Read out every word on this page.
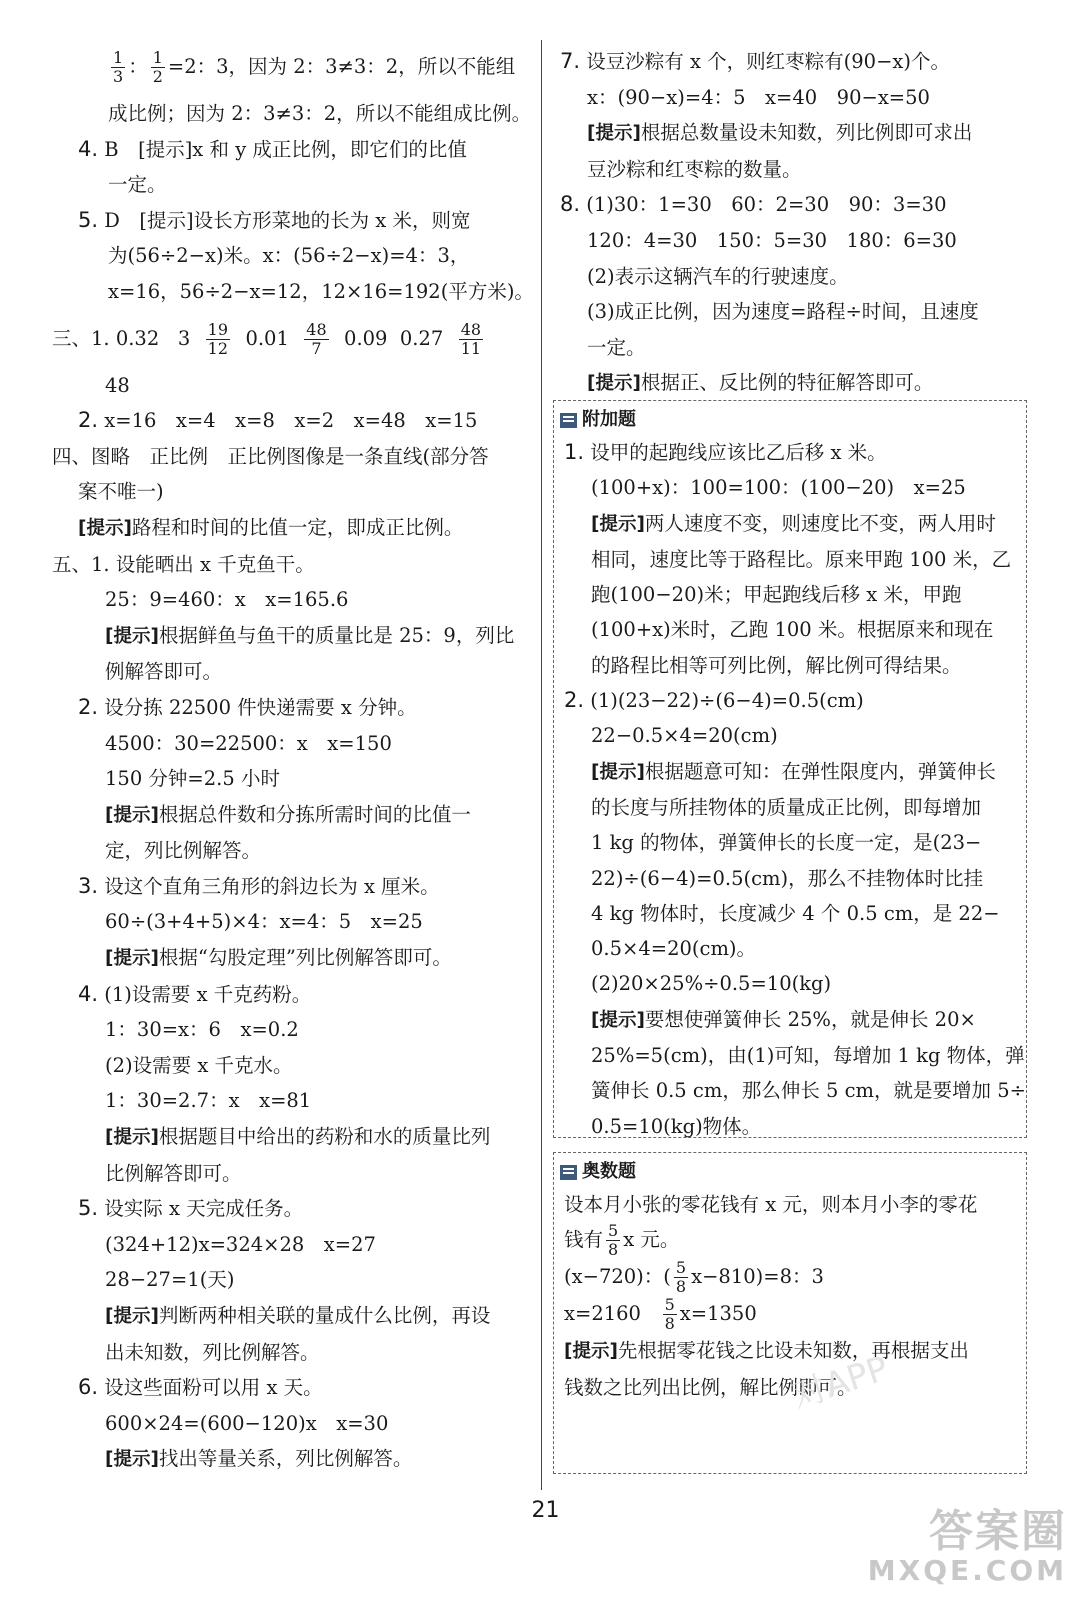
$\frac{1}{3}$ ： $\frac{1}{2} =2$：3，因为 2：3≠3：2，所以不能组
成比例；因为 2：3≠3：2，所以不能组成比例。
4. B　[提示]x 和 y 成正比例，即它们的比值
一定。
5. D　[提示]设长方形菜地的长为 x 米，则宽
为(56÷2−x)米。x：(56÷2−x)=4：3，
x=16，56÷2−x=12，12×16=192(平方米)。
三、1. 0.32 $3 \frac{19}{12} 0.01 \frac{48}{7} 0.09$ $0.27 \frac{48}{11}$
48
2. x=16　x=4　x=8　x=2　x=48　x=15
四、图略　正比例　正比例图像是一条直线(部分答
案不唯一)
[提示]路程和时间的比值一定，即成正比例。
五、1. 设能晒出 x 千克鱼干。
25：9=460：x　x=165.6
[提示]根据鲜鱼与鱼干的质量比是 25：9，列比
例解答即可。
2. 设分拣 22500 件快递需要 x 分钟。
4500：30=22500：x　x=150
150 分钟=2.5 小时
[提示]根据总件数和分拣所需时间的比值一
定，列比例解答。
3. 设这个直角三角形的斜边长为 x 厘米。
60÷(3+4+5)×4：x=4：5　x=25
[提示]根据“勾股定理”列比例解答即可。
4. (1)设需要 x 千克药粉。
1：30=x：6　x=0.2
(2)设需要 x 千克水。
1：30=2.7：x　x=81
[提示]根据题目中给出的药粉和水的质量比列
比例解答即可。
5. 设实际 x 天完成任务。
(324+12)x=324×28　x=27
28−27=1(天)
[提示]判断两种相关联的量成什么比例，再设
出未知数，列比例解答。
6. 设这些面粉可以用 x 天。
600×24=(600−120)x　x=30
[提示]找出等量关系，列比例解答。
7. 设豆沙粽有 x 个，则红枣粽有(90−x)个。
x：(90−x)=4：5　x=40　90−x=50
[提示]根据总数量设未知数，列比例即可求出
豆沙粽和红枣粽的数量。
8. (1)30：1=30　60：2=30　90：3=30
120：4=30　150：5=30　180：6=30
(2)表示这辆汽车的行驶速度。
(3)成正比例，因为速度=路程÷时间，且速度
一定。
[提示]根据正、反比例的特征解答即可。
附加题
1. 设甲的起跑线应该比乙后移 x 米。
(100+x)：100=100：(100−20)　x=25
[提示]两人速度不变，则速度比不变，两人用时
相同，速度比等于路程比。原来甲跑 100 米，乙
跑(100−20)米；甲起跑线后移 x 米，甲跑
(100+x)米时，乙跑 100 米。根据原来和现在
的路程比相等可列比例，解比例可得结果。
2. (1)(23−22)÷(6−4)=0.5(cm)
22−0.5×4=20(cm)
[提示]根据题意可知：在弹性限度内，弹簧伸长
的长度与所挂物体的质量成正比例，即每增加
1 kg 的物体，弹簧伸长的长度一定，是(23−
22)÷(6−4)=0.5(cm)，那么不挂物体时比挂
4 kg 物体时，长度减少 4 个 0.5 cm，是 22−
0.5×4=20(cm)。
(2)20×25%÷0.5=10(kg)
[提示]要想使弹簧伸长 25%，就是伸长 20×
25%=5(cm)，由(1)可知，每增加 1 kg 物体，弹
簧伸长 0.5 cm，那么伸长 5 cm，就是要增加 5÷
0.5=10(kg)物体。
奥数题
设本月小张的零花钱有 x 元，则本月小李的零花
钱有 $\frac{5}{8}$ x 元。
(x−720)：( $\frac{5}{8} x-810)=8$：3
$x=2160 \frac{5}{8} x=1350$
[提示]先根据零花钱之比设未知数，再根据支出
钱数之比列出比例，解比例即可。
对APP
21	答案圈
MXQE.COM
